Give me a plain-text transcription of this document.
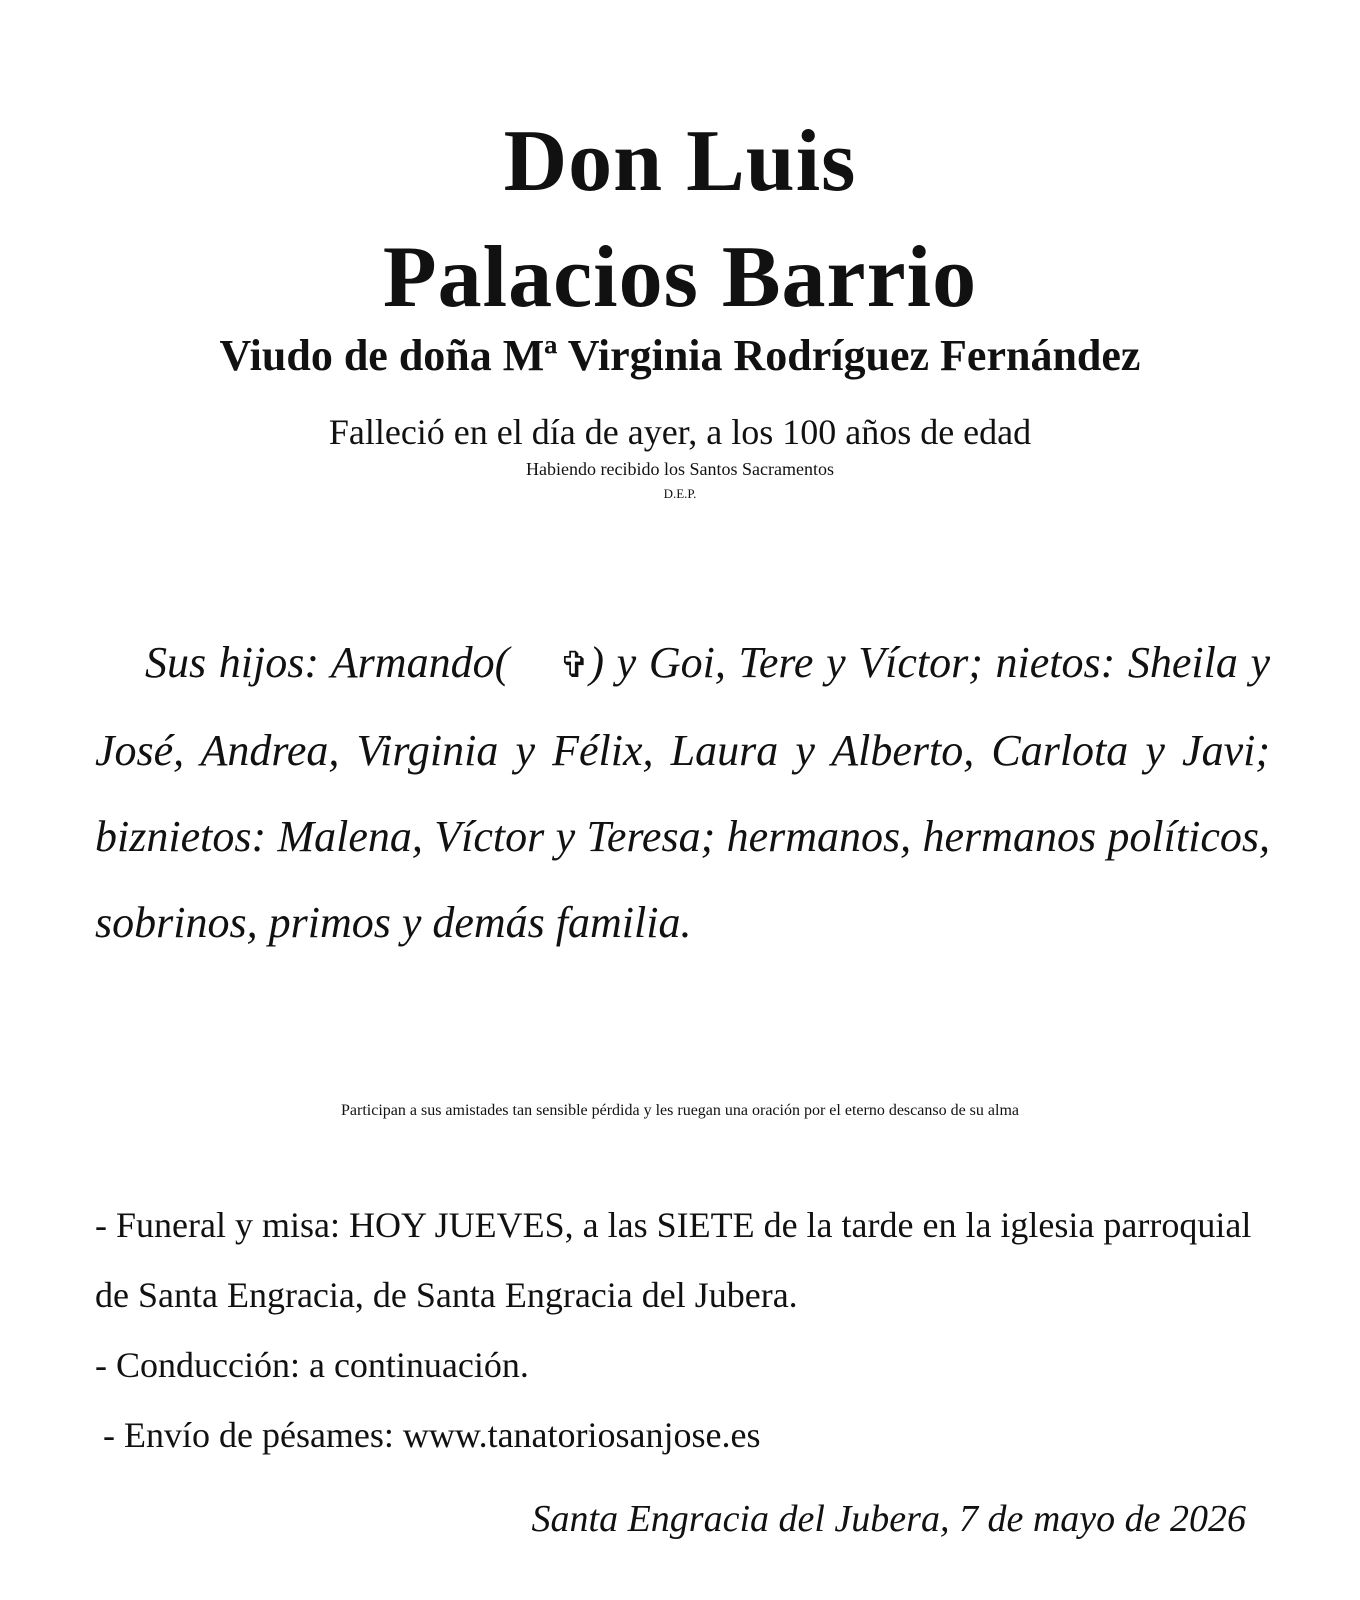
Don Luis
Palacios Barrio
Viudo de doña Mª Virginia Rodríguez Fernández
Falleció en el día de ayer, a los 100 años de edad
Habiendo recibido los Santos Sacramentos
D.E.P.

Sus hijos: Armando( ✞) y Goi, Tere y Víctor; nietos: Sheila y José, Andrea, Virginia y Félix, Laura y Alberto, Carlota y Javi; biznietos: Malena, Víctor y Teresa; hermanos, hermanos políticos, sobrinos, primos y demás familia.

Participan a sus amistades tan sensible pérdida y les ruegan una oración por el eterno descanso de su alma
- Funeral y misa: HOY JUEVES, a las SIETE de la tarde en la iglesia parroquial de Santa Engracia, de Santa Engracia del Jubera.
- Conducción: a continuación.
- Envío de pésames: www.tanatoriosanjose.es
Santa Engracia del Jubera, 7 de mayo de 2026
